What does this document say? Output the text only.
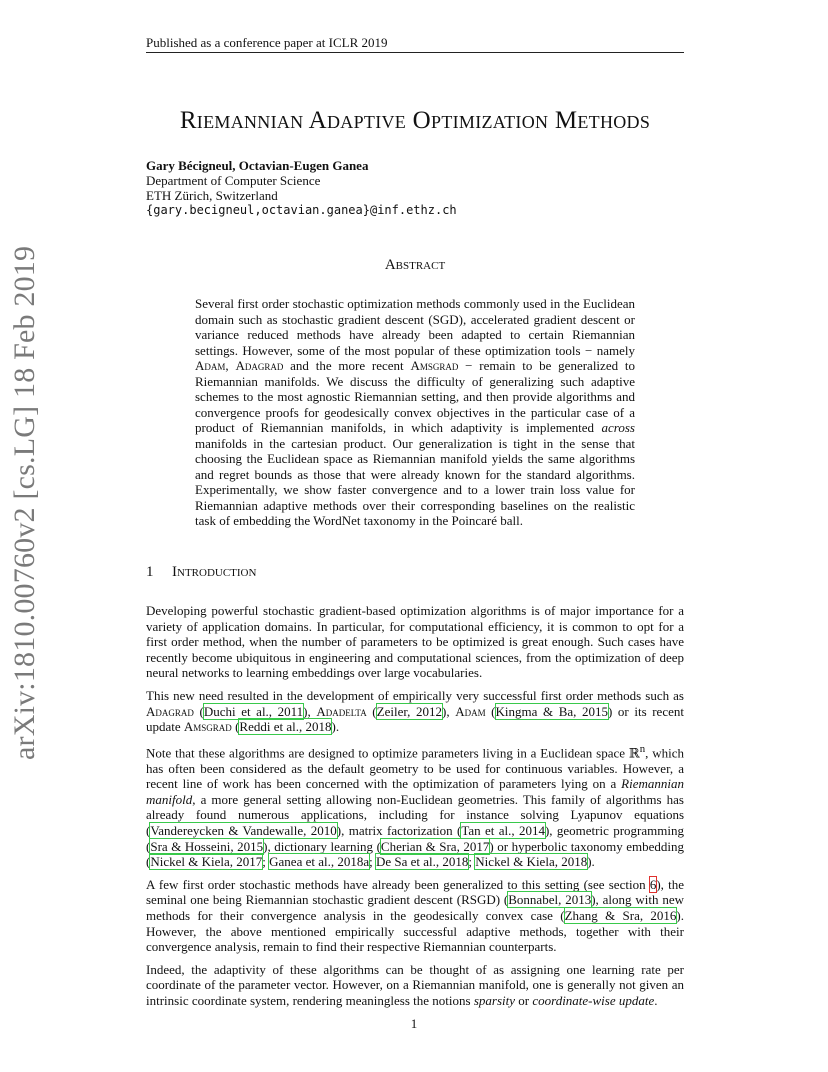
Published as a conference paper at ICLR 2019
Riemannian Adaptive Optimization Methods
Gary Bécigneul, Octavian-Eugen Ganea
Department of Computer Science
ETH Zürich, Switzerland
{gary.becigneul,octavian.ganea}@inf.ethz.ch
Abstract
Several first order stochastic optimization methods commonly used in the Euclidean domain such as stochastic gradient descent (SGD), accelerated gradient descent or variance reduced methods have already been adapted to certain Riemannian settings. However, some of the most popular of these optimization tools − namely Adam, Adagrad and the more recent Amsgrad − remain to be generalized to Riemannian manifolds. We discuss the difficulty of generalizing such adaptive schemes to the most agnostic Riemannian setting, and then provide algorithms and convergence proofs for geodesically convex objectives in the particular case of a product of Riemannian manifolds, in which adaptivity is implemented across manifolds in the cartesian product. Our generalization is tight in the sense that choosing the Euclidean space as Riemannian manifold yields the same algorithms and regret bounds as those that were already known for the standard algorithms. Experimentally, we show faster convergence and to a lower train loss value for Riemannian adaptive methods over their corresponding baselines on the realistic task of embedding the WordNet taxonomy in the Poincaré ball.
1 Introduction

Developing powerful stochastic gradient-based optimization algorithms is of major importance for a variety of application domains. In particular, for computational efficiency, it is common to opt for a first order method, when the number of parameters to be optimized is great enough. Such cases have recently become ubiquitous in engineering and computational sciences, from the optimization of deep neural networks to learning embeddings over large vocabularies.

This new need resulted in the development of empirically very successful first order methods such as Adagrad (Duchi et al., 2011), Adadelta (Zeiler, 2012), Adam (Kingma & Ba, 2015) or its recent update Amsgrad (Reddi et al., 2018).

Note that these algorithms are designed to optimize parameters living in a Euclidean space ℝ$^n$, which has often been considered as the default geometry to be used for continuous variables. However, a recent line of work has been concerned with the optimization of parameters lying on a Riemannian manifold, a more general setting allowing non-Euclidean geometries. This family of algorithms has already found numerous applications, including for instance solving Lyapunov equations (Vandereycken & Vandewalle, 2010), matrix factorization (Tan et al., 2014), geometric programming (Sra & Hosseini, 2015), dictionary learning (Cherian & Sra, 2017) or hyperbolic taxonomy embedding (Nickel & Kiela, 2017; Ganea et al., 2018a; De Sa et al., 2018; Nickel & Kiela, 2018).

A few first order stochastic methods have already been generalized to this setting (see section 6), the seminal one being Riemannian stochastic gradient descent (RSGD) (Bonnabel, 2013), along with new methods for their convergence analysis in the geodesically convex case (Zhang & Sra, 2016). However, the above mentioned empirically successful adaptive methods, together with their convergence analysis, remain to find their respective Riemannian counterparts.

Indeed, the adaptivity of these algorithms can be thought of as assigning one learning rate per coordinate of the parameter vector. However, on a Riemannian manifold, one is generally not given an intrinsic coordinate system, rendering meaningless the notions sparsity or coordinate-wise update.

arXiv:1810.00760v2 [cs.LG] 18 Feb 2019
1
